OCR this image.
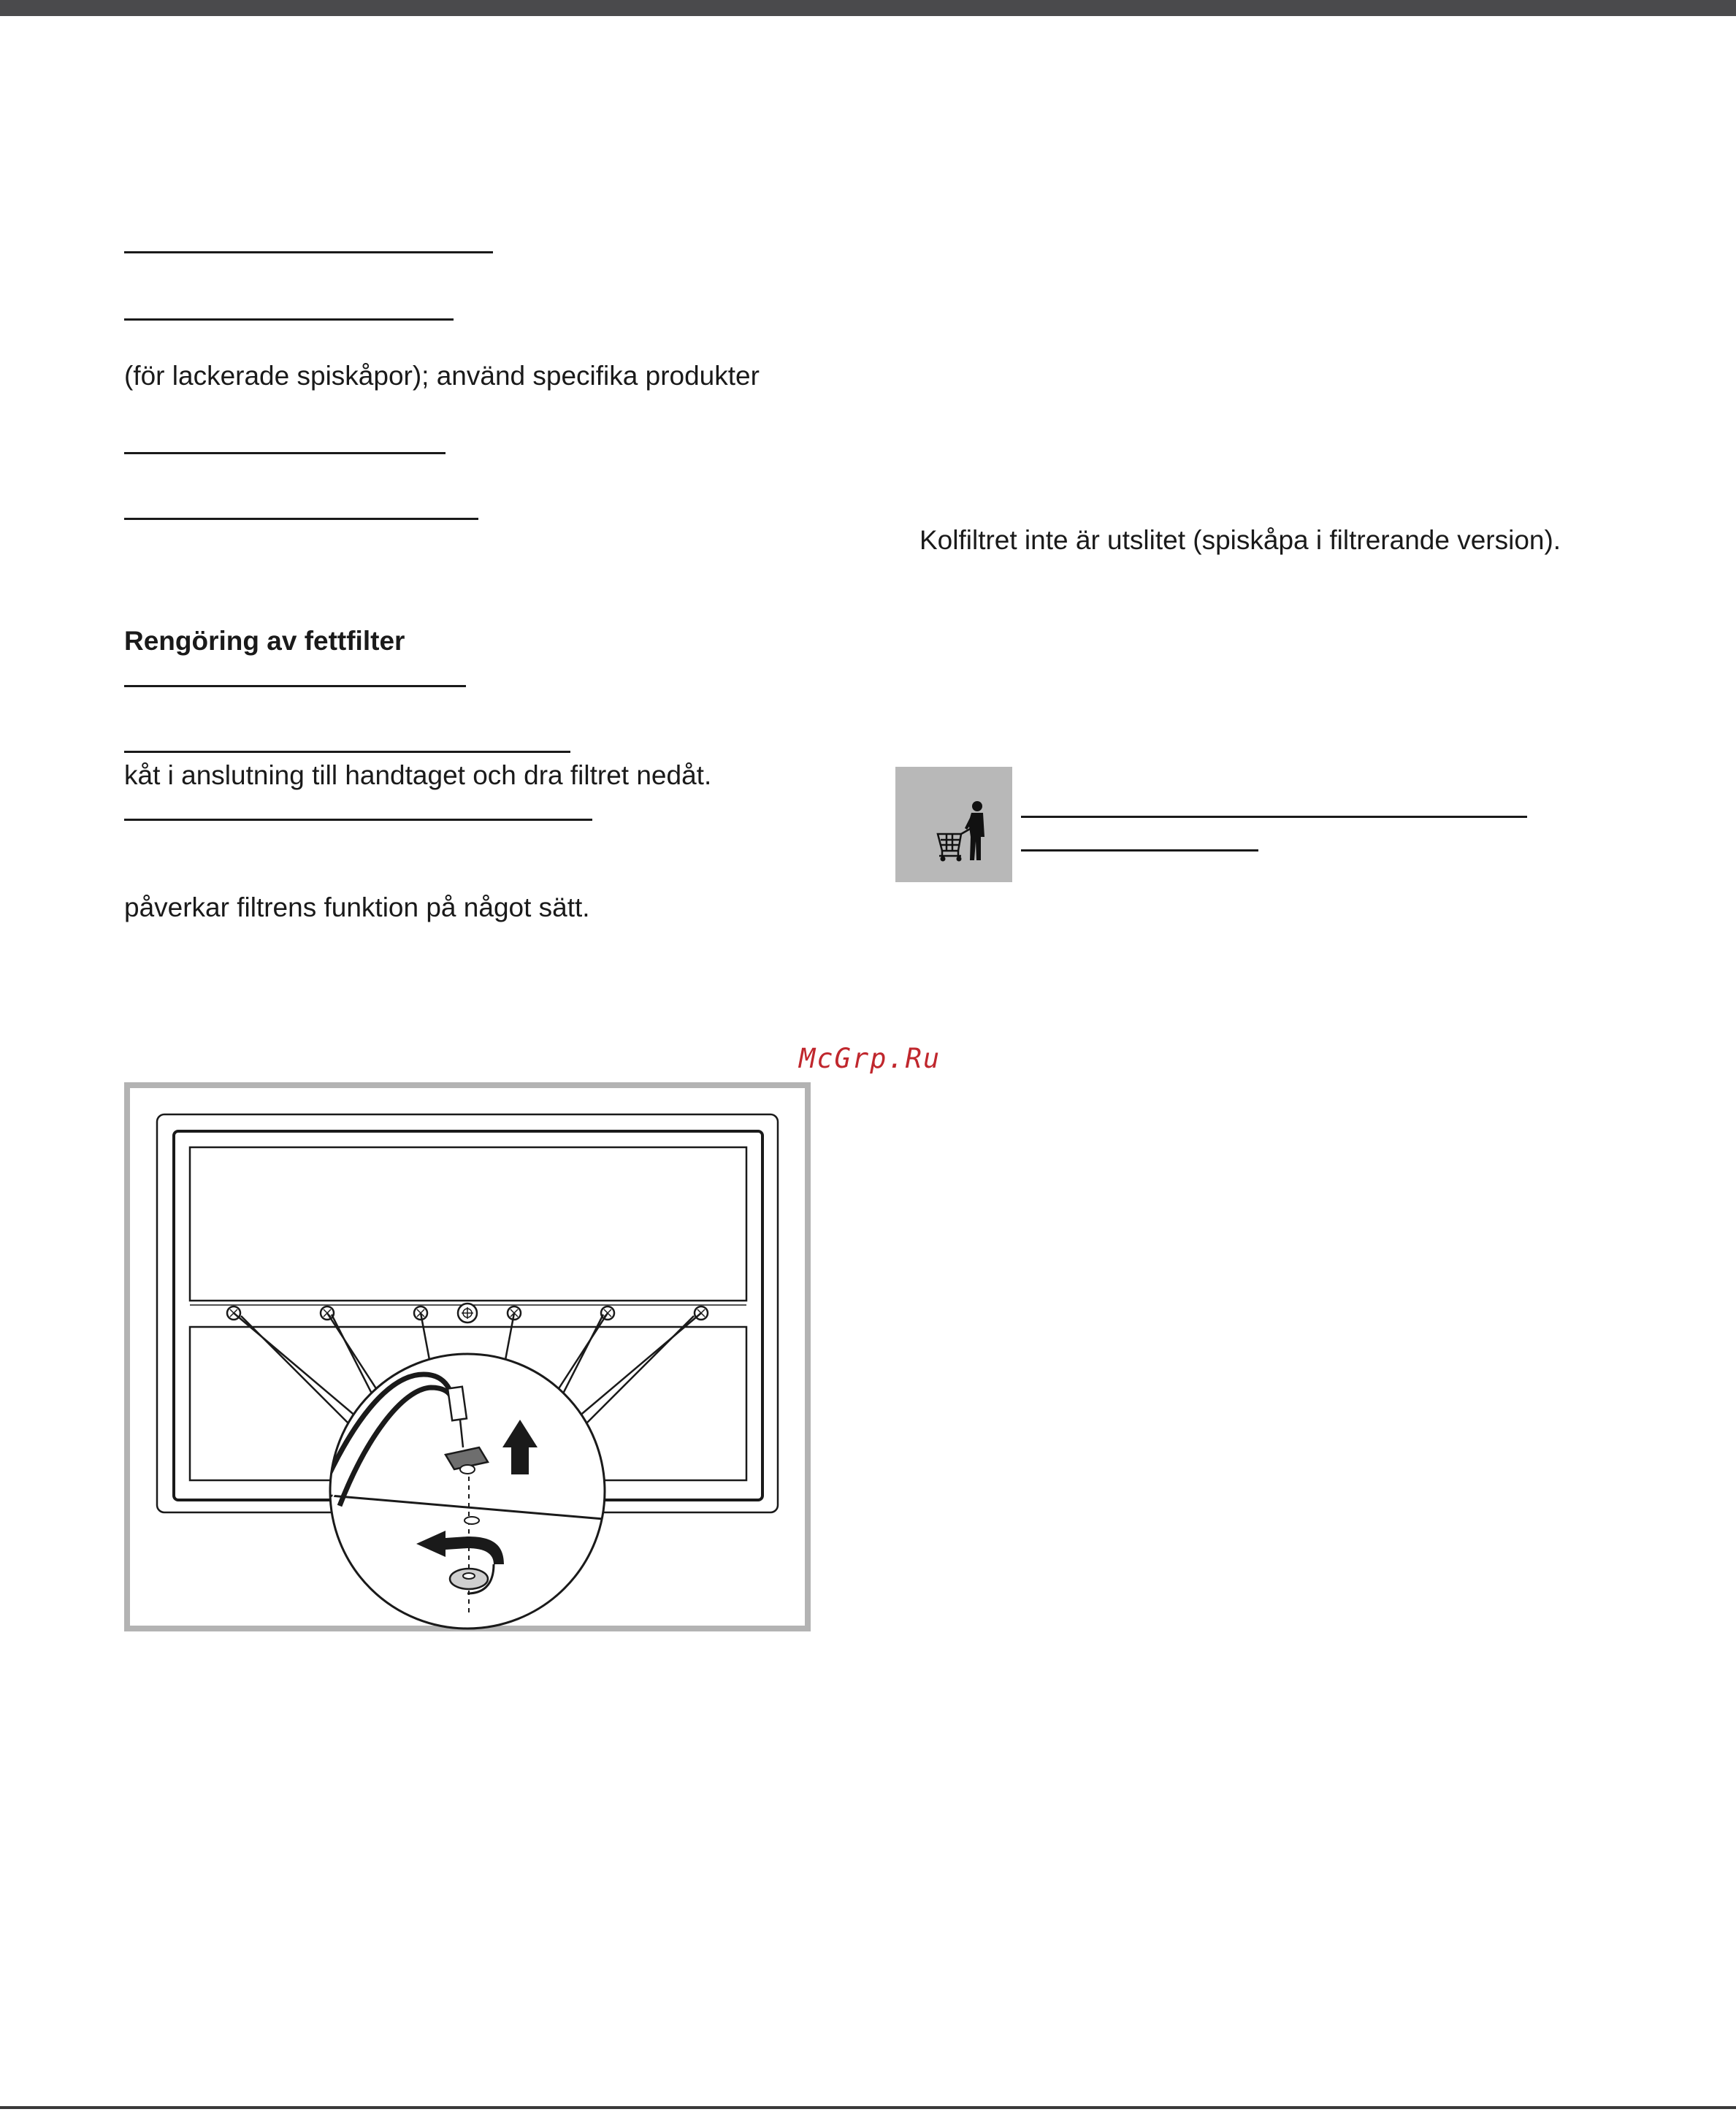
(för lackerade spiskåpor); använd specifika produkter
Rengöring av fettfilter
kåt i anslutning till handtaget och dra filtret nedåt.
påverkar filtrens funktion på något sätt.
Kolfiltret inte är utslitet (spiskåpa i filtrerande version).
McGrp.Ru
